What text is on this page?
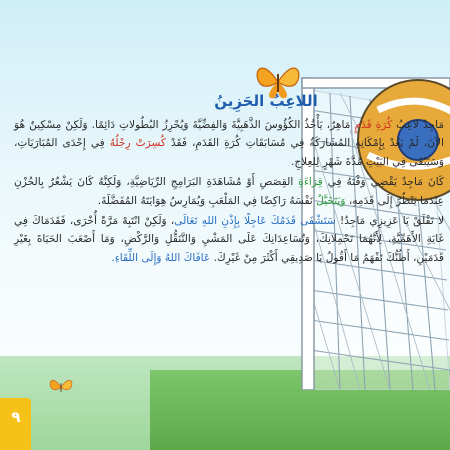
اللاعِبُ الحَزِينُ

مَاجِدٌ لاعِبُ كُرَةِ قَدَمٍ مَاهِرٌ، يَأْخُذُ الكُؤُوسَ الذَّهَبِيَّةَ وَالفِضِّيَّةَ وَيُحْرِزُ البُطُولاتِ دَائِمًا. وَلَكِنْ مِسْكِينٌ هُوَ الآنَ، لَمْ يَعُدْ بِإِمْكَانِهِ المُشَارَكَةُ فِي مُسَابَقَاتِ كُرَةِ القَدَمِ، فَقَدْ كُسِرَتْ رِجْلُهُ فِي إِحْدَى المُبَارَيَاتِ، وَسَيَبْقَى فِي البَيْتِ مُدَّةَ شَهْرٍ لِلعِلاجِ.

كَانَ مَاجِدٌ يَقْضِي وَقْتَهُ فِي قِرَاءَةِ القِصَصِ أَوْ مُشَاهَدَةِ البَرَامِجِ الرِّيَاضِيَّةِ، وَلَكِنَّهُ كَانَ يَشْعُرُ بِالحُزْنِ عِنْدَمَا يَنْظُرُ إِلَى قَدَمِهِ، وَيَتَخَيَّلُ نَفْسَهُ رَاكِضًا فِي المَلْعَبِ وَيُمَارِسُ هِوَايَتَهُ المُفَضَّلَةَ.

لا تَقْلَقْ يَا عَزِيزِي مَاجِدُ! سَتَشْفَى قَدَمُكَ عَاجِلًا بِإِذْنِ اللهِ تَعَالَى، وَلَكِنْ انْتَبِهْ مَرَّةً أُخْرَى، فَقَدَمَاكَ فِي غَايَةِ الأَهَمِّيَّةِ، لِأَنَّهُمَا تَحْمِلانِكَ، وَتُسَاعِدَانِكَ عَلَى المَشْيِ وَالتَّنَقُّلِ وَالرَّكْضِ، وَمَا أَصْعَبَ الحَيَاةَ بِغَيْرِ قَدَمَيْنِ، أَظُنُّكَ تَفْهَمُ مَا أَقُولُ يَا صَدِيقِي أَكْثَرَ مِنْ غَيْرِكَ. عَافَاكَ اللهُ وَإِلَى اللِّقَاءِ.

٩
